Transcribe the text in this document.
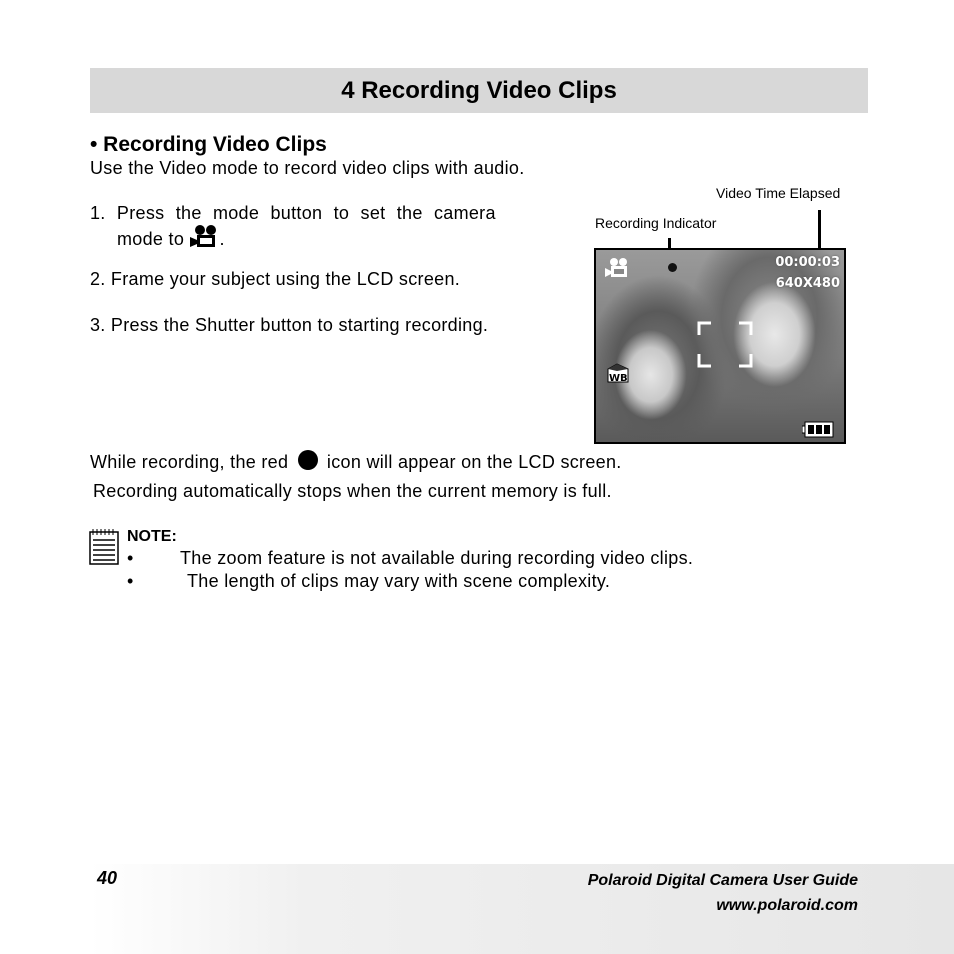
4 Recording Video Clips
• Recording Video Clips
Use the Video mode to record video clips with audio.
1. Press the mode button to set the camera
mode to .
2. Frame your subject using the LCD screen.
3. Press the Shutter button to starting recording.
Video Time Elapsed
Recording Indicator
00:00:03
640X480
WB
While recording, the red icon will appear on the LCD screen.
Recording automatically stops when the current memory is full.
NOTE:
•	The zoom feature is not available during recording video clips.
•	The length of clips may vary with scene complexity.
40	Polaroid Digital Camera User Guide
www.polaroid.com
